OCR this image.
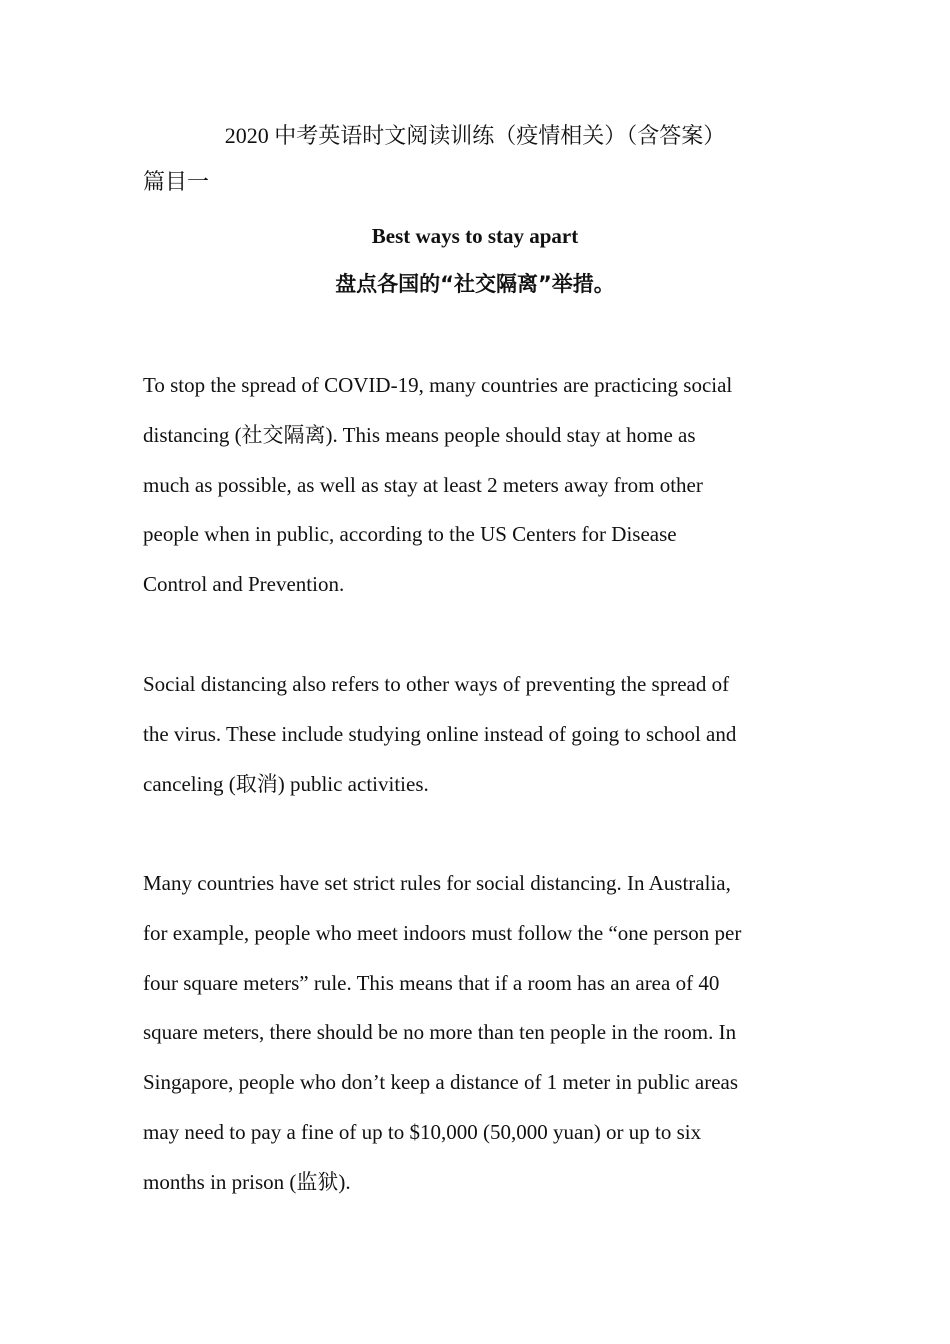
2020 中考英语时文阅读训练（疫情相关）（含答案）
篇目一
Best ways to stay apart
盘点各国的“社交隔离”举措。

To stop the spread of COVID-19, many countries are practicing social
distancing (社交隔离). This means people should stay at home as
much as possible, as well as stay at least 2 meters away from other
people when in public, according to the US Centers for Disease
Control and Prevention.

Social distancing also refers to other ways of preventing the spread of
the virus. These include studying online instead of going to school and
canceling (取消) public activities.

Many countries have set strict rules for social distancing. In Australia,
for example, people who meet indoors must follow the “one person per
four square meters” rule. This means that if a room has an area of 40
square meters, there should be no more than ten people in the room. In
Singapore, people who don’t keep a distance of 1 meter in public areas
may need to pay a fine of up to $10,000 (50,000 yuan) or up to six
months in prison (监狱).
